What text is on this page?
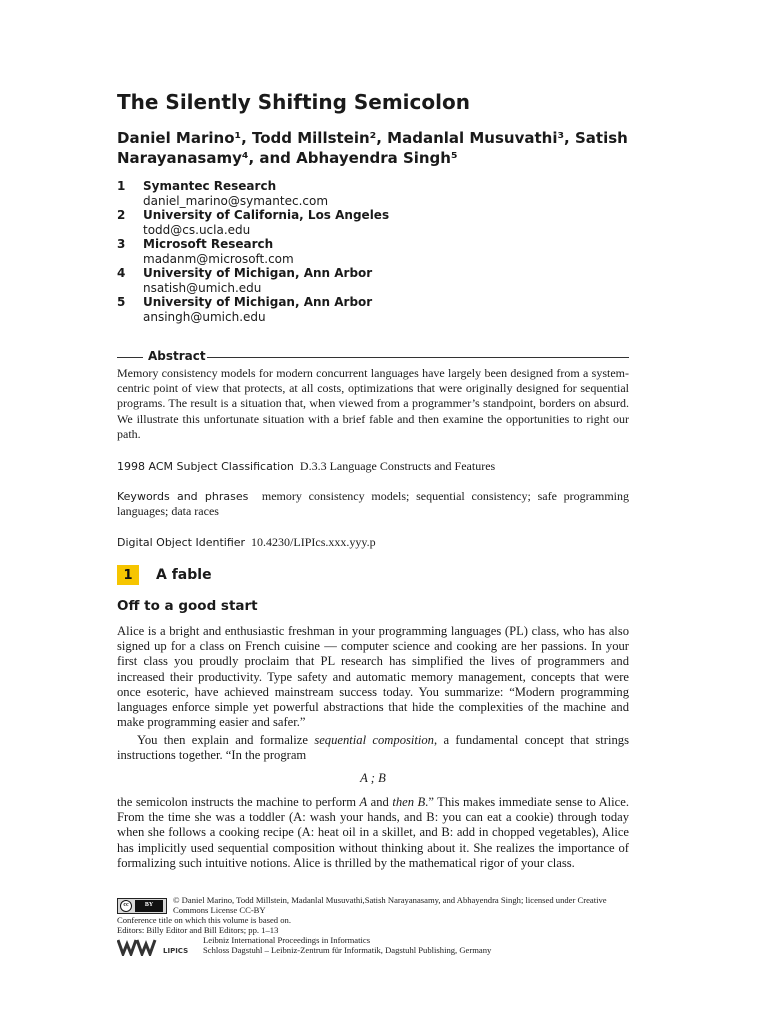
The Silently Shifting Semicolon
Daniel Marino¹, Todd Millstein², Madanlal Musuvathi³, Satish
Narayanasamy⁴, and Abhayendra Singh⁵
1	Symantec Research
daniel_marino@symantec.com
2	University of California, Los Angeles
todd@cs.ucla.edu
3	Microsoft Research
madanm@microsoft.com
4	University of Michigan, Ann Arbor
nsatish@umich.edu
5	University of Michigan, Ann Arbor
ansingh@umich.edu
Abstract
Memory consistency models for modern concurrent languages have largely been designed from a system-centric point of view that protects, at all costs, optimizations that were originally designed for sequential programs. The result is a situation that, when viewed from a programmer’s standpoint, borders on absurd. We illustrate this unfortunate situation with a brief fable and then examine the opportunities to right our path.
1998 ACM Subject Classification D.3.3 Language Constructs and Features
Keywords and phrases memory consistency models; sequential consistency; safe programming languages; data races
Digital Object Identifier 10.4230/LIPIcs.xxx.yyy.p
1	A fable
Off to a good start
Alice is a bright and enthusiastic freshman in your programming languages (PL) class, who has also signed up for a class on French cuisine — computer science and cooking are her passions. In your first class you proudly proclaim that PL research has simplified the lives of programmers and increased their productivity. Type safety and automatic memory management, concepts that were once esoteric, have achieved mainstream success today. You summarize: “Modern programming languages enforce simple yet powerful abstractions that hide the complexities of the machine and make programming easier and safer.”
You then explain and formalize sequential composition, a fundamental concept that strings instructions together. “In the program
A ; B
the semicolon instructs the machine to perform A and then B.” This makes immediate sense to Alice. From the time she was a toddler (A: wash your hands, and B: you can eat a cookie) through today when she follows a cooking recipe (A: heat oil in a skillet, and B: add in chopped vegetables), Alice has implicitly used sequential composition without thinking about it. She realizes the importance of formalizing such intuitive notions. Alice is thrilled by the mathematical rigor of your class.
cc	BY
© Daniel Marino, Todd Millstein, Madanlal Musuvathi,Satish Narayanasamy, and Abhayendra Singh; licensed under Creative Commons License CC-BY
Conference title on which this volume is based on.
Editors: Billy Editor and Bill Editors; pp. 1–13
LIPICS
Leibniz International Proceedings in Informatics
Schloss Dagstuhl – Leibniz-Zentrum für Informatik, Dagstuhl Publishing, Germany
